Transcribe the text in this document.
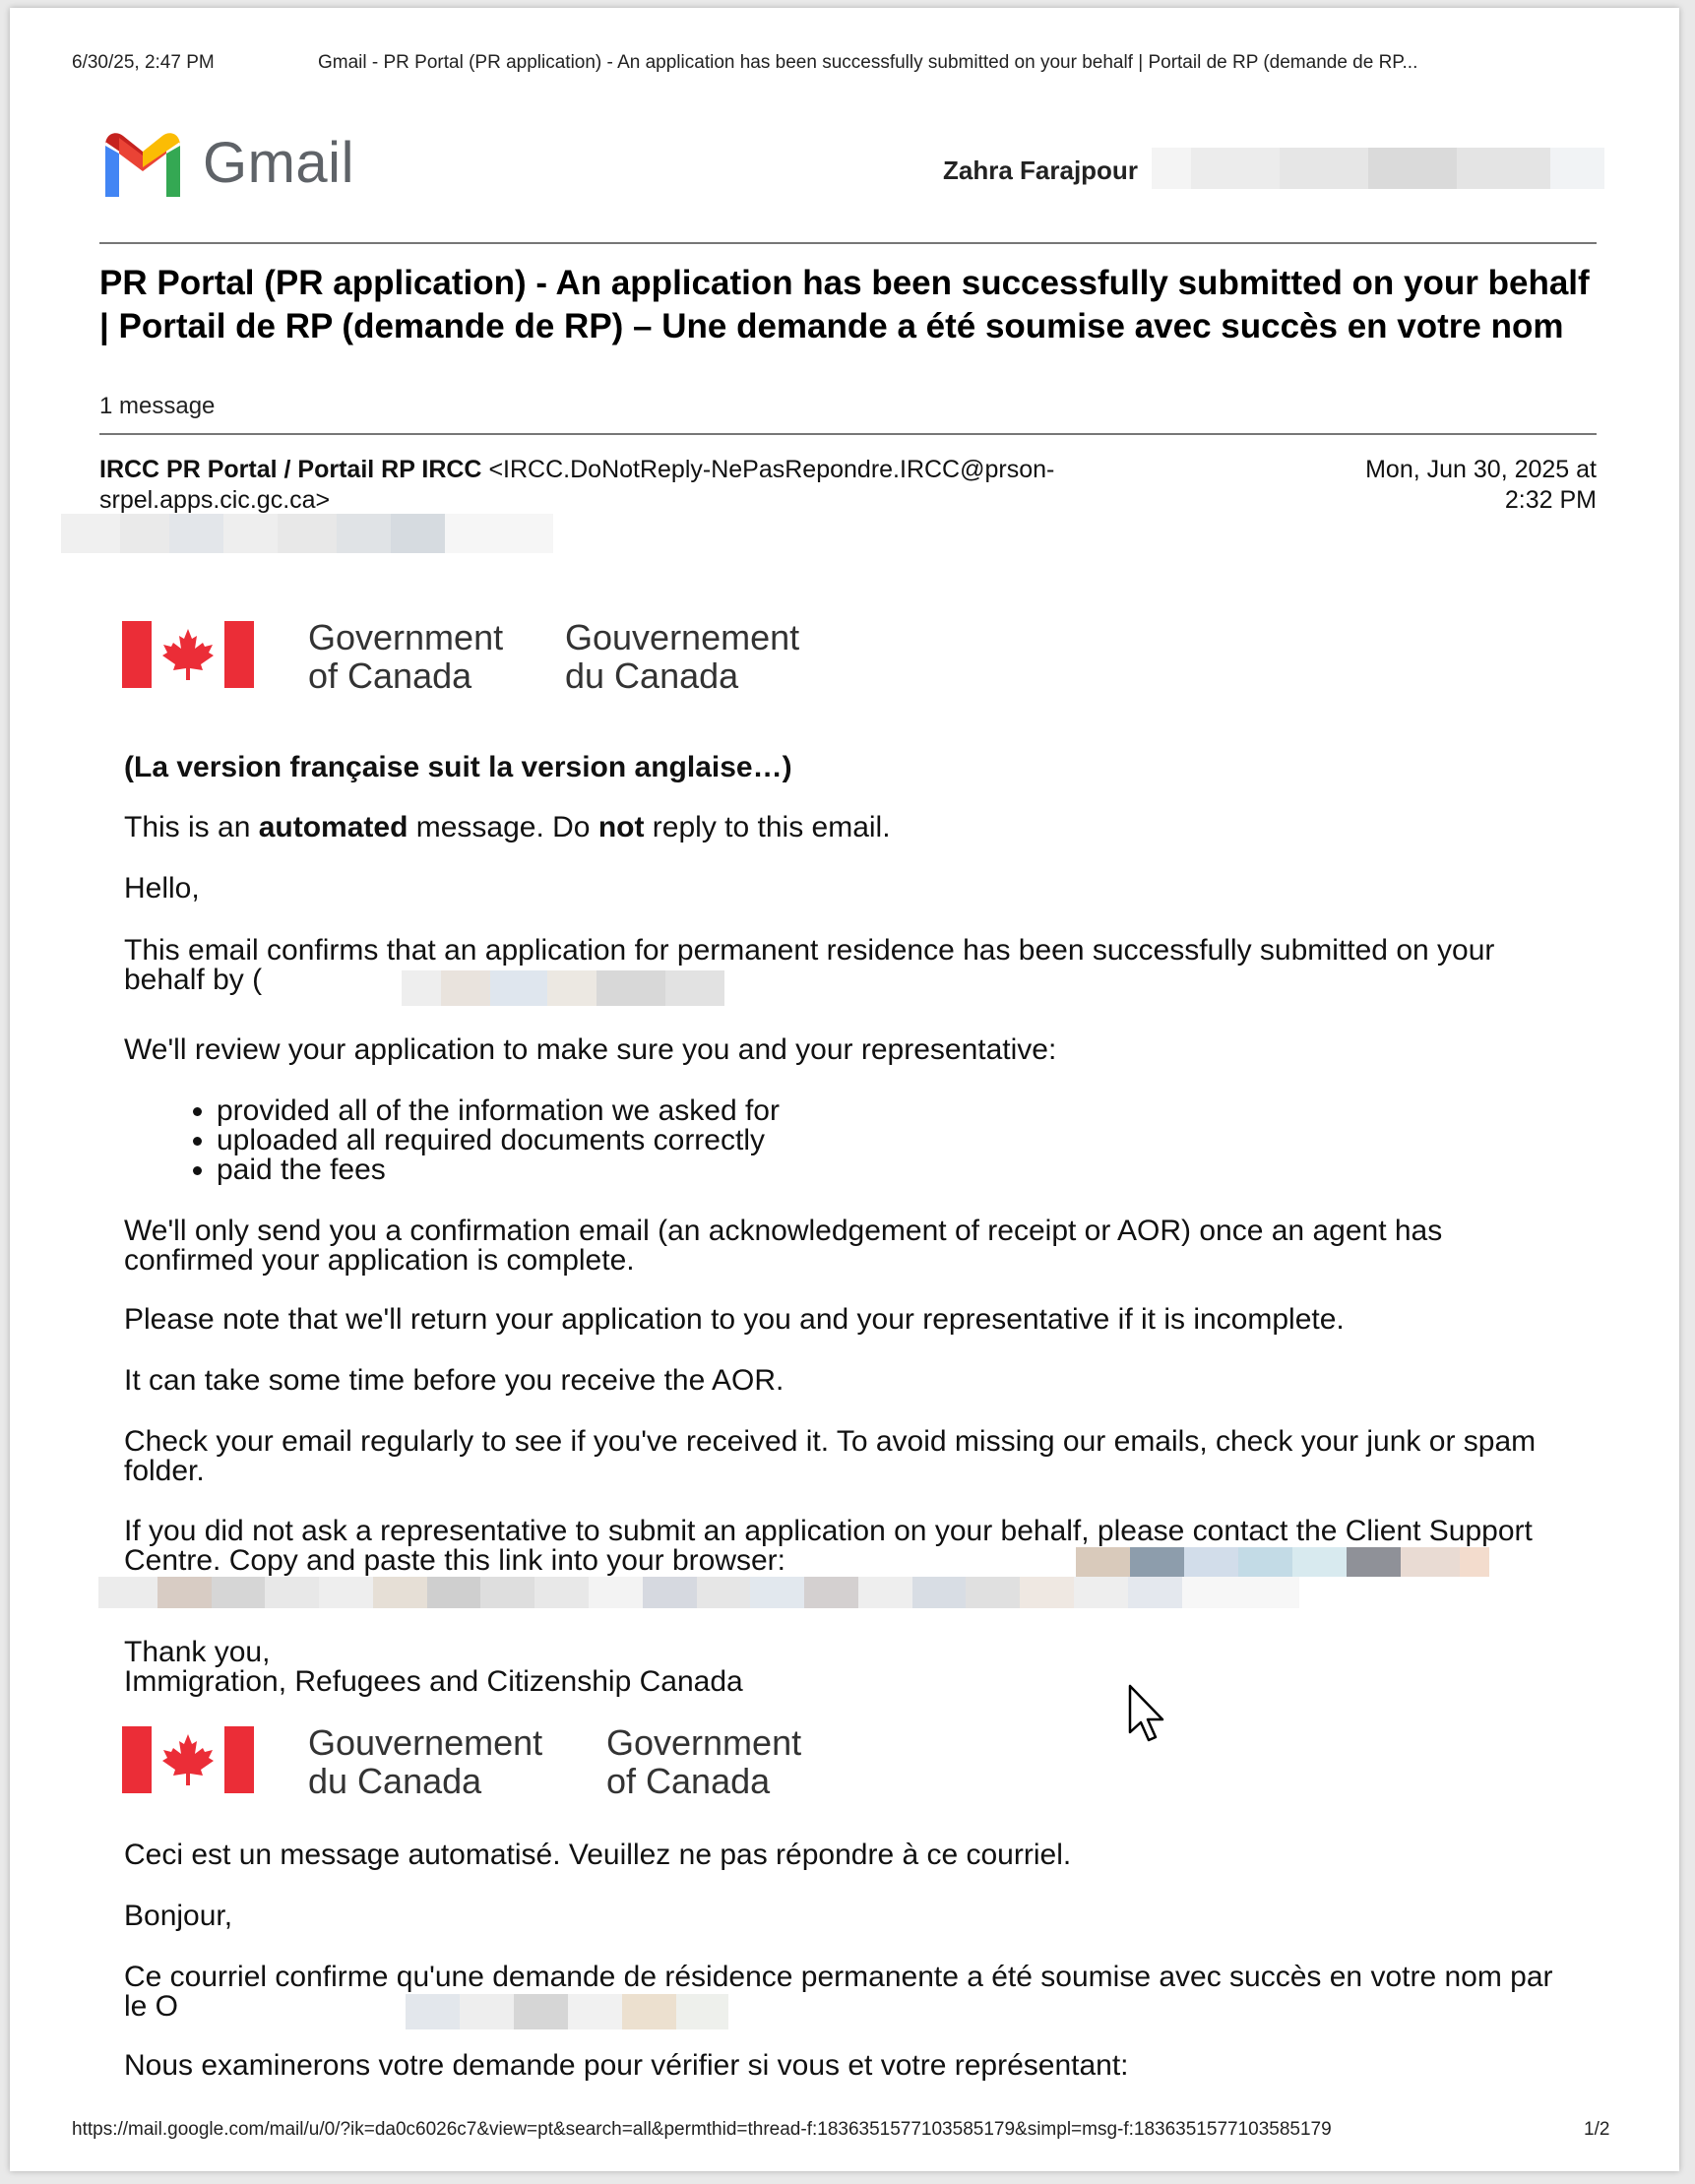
6/30/25, 2:47 PM	Gmail - PR Portal (PR application) - An application has been successfully submitted on your behalf | Portail de RP (demande de RP...
Gmail	Zahra Farajpour
PR Portal (PR application) - An application has been successfully submitted on your behalf | Portail de RP (demande de RP) – Une demande a été soumise avec succès en votre nom
1 message
IRCC PR Portal / Portail RP IRCC <IRCC.DoNotReply-NePasRepondre.IRCC@prson-srpel.apps.cic.gc.ca>
Mon, Jun 30, 2025 at
2:32 PM
Government
of Canada
Gouvernement
du Canada
(La version française suit la version anglaise…)
This is an automated message. Do not reply to this email.
Hello,
This email confirms that an application for permanent residence has been successfully submitted on your behalf by (
We'll review your application to make sure you and your representative:
• provided all of the information we asked for
• uploaded all required documents correctly
• paid the fees
We'll only send you a confirmation email (an acknowledgement of receipt or AOR) once an agent has confirmed your application is complete.
Please note that we'll return your application to you and your representative if it is incomplete.
It can take some time before you receive the AOR.
Check your email regularly to see if you've received it. To avoid missing our emails, check your junk or spam folder.
If you did not ask a representative to submit an application on your behalf, please contact the Client Support Centre. Copy and paste this link into your browser:
Thank you,
Immigration, Refugees and Citizenship Canada
Gouvernement
du Canada
Government
of Canada
Ceci est un message automatisé. Veuillez ne pas répondre à ce courriel.
Bonjour,
Ce courriel confirme qu'une demande de résidence permanente a été soumise avec succès en votre nom par le O
Nous examinerons votre demande pour vérifier si vous et votre représentant:
https://mail.google.com/mail/u/0/?ik=da0c6026c7&view=pt&search=all&permthid=thread-f:1836351577103585179&simpl=msg-f:1836351577103585179	1/2
